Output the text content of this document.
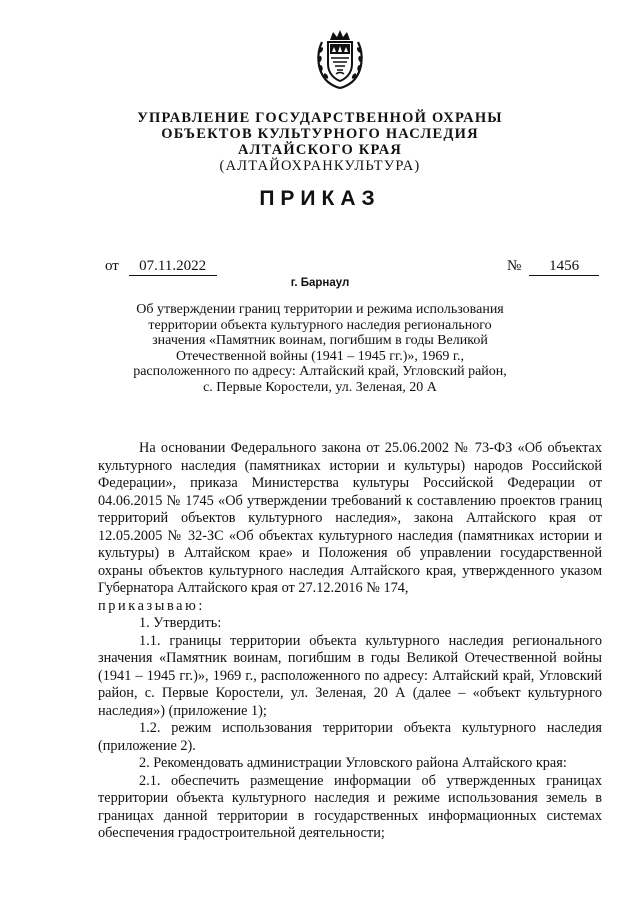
УПРАВЛЕНИЕ ГОСУДАРСТВЕННОЙ ОХРАНЫ
ОБЪЕКТОВ КУЛЬТУРНОГО НАСЛЕДИЯ
АЛТАЙСКОГО КРАЯ
(АЛТАЙОХРАНКУЛЬТУРА)
ПРИКАЗ
от 07.11.2022	№ 1456
г. Барнаул
Об утверждении границ территории и режима использования
территории объекта культурного наследия регионального
значения «Памятник воинам, погибшим в годы Великой
Отечественной войны (1941 – 1945 гг.)», 1969 г.,
расположенного по адресу: Алтайский край, Угловский район,
с. Первые Коростели, ул. Зеленая, 20 А

На основании Федерального закона от 25.06.2002 № 73-ФЗ «Об объектах культурного наследия (памятниках истории и культуры) народов Российской Федерации», приказа Министерства культуры Российской Федерации от 04.06.2015 № 1745 «Об утверждении требований к составлению проектов границ территорий объектов культурного наследия», закона Алтайского края от 12.05.2005 № 32-ЗС «Об объектах культурного наследия (памятниках истории и культуры) в Алтайском крае» и Положения об управлении государственной охраны объектов культурного наследия Алтайского края, утвержденного указом Губернатора Алтайского края от 27.12.2016 № 174,

приказываю:

1. Утвердить:

1.1. границы территории объекта культурного наследия регионального значения «Памятник воинам, погибшим в годы Великой Отечественной войны (1941 – 1945 гг.)», 1969 г., расположенного по адресу: Алтайский край, Угловский район, с. Первые Коростели, ул. Зеленая, 20 А (далее – «объект культурного наследия») (приложение 1);

1.2. режим использования территории объекта культурного наследия (приложение 2).

2. Рекомендовать администрации Угловского района Алтайского края:

2.1. обеспечить размещение информации об утвержденных границах территории объекта культурного наследия и режиме использования земель в границах данной территории в государственных информационных системах обеспечения градостроительной деятельности;
